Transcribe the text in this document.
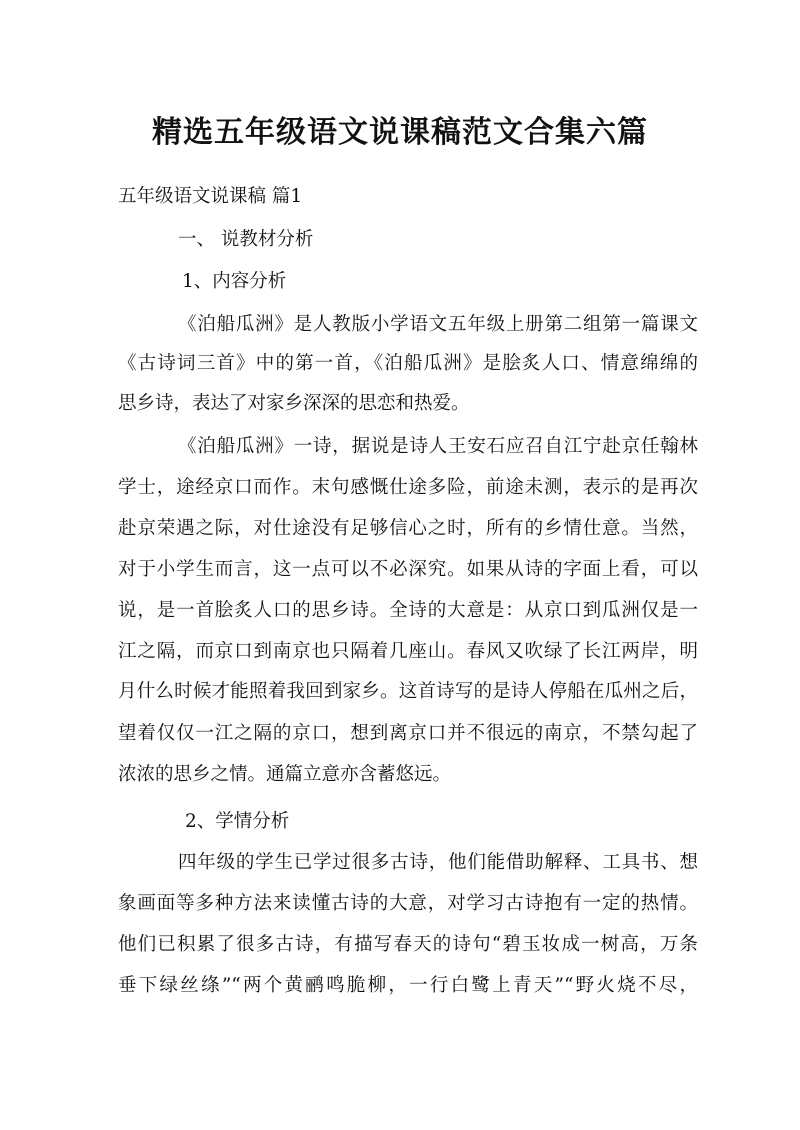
精选五年级语文说课稿范文合集六篇
五年级语文说课稿 篇1
一、 说教材分析
1、内容分析
《泊船瓜洲》是人教版小学语文五年级上册第二组第一篇课文
《古诗词三首》中的第一首，《泊船瓜洲》是脍炙人口、情意绵绵的
思乡诗，表达了对家乡深深的思恋和热爱。
《泊船瓜洲》一诗，据说是诗人王安石应召自江宁赴京任翰林
学士，途经京口而作。末句感慨仕途多险，前途未测，表示的是再次
赴京荣遇之际，对仕途没有足够信心之时，所有的乡情仕意。当然，
对于小学生而言，这一点可以不必深究。如果从诗的字面上看，可以
说，是一首脍炙人口的思乡诗。全诗的大意是：从京口到瓜洲仅是一
江之隔，而京口到南京也只隔着几座山。春风又吹绿了长江两岸，明
月什么时候才能照着我回到家乡。这首诗写的是诗人停船在瓜州之后，
望着仅仅一江之隔的京口，想到离京口并不很远的南京，不禁勾起了
浓浓的思乡之情。通篇立意亦含蓄悠远。
2、学情分析
四年级的学生已学过很多古诗，他们能借助解释、工具书、想
象画面等多种方法来读懂古诗的大意，对学习古诗抱有一定的热情。
他们已积累了很多古诗，有描写春天的诗句“碧玉妆成一树高，万条
垂下绿丝绦”“两个黄鹂鸣脆柳，一行白鹭上青天”“野火烧不尽，
